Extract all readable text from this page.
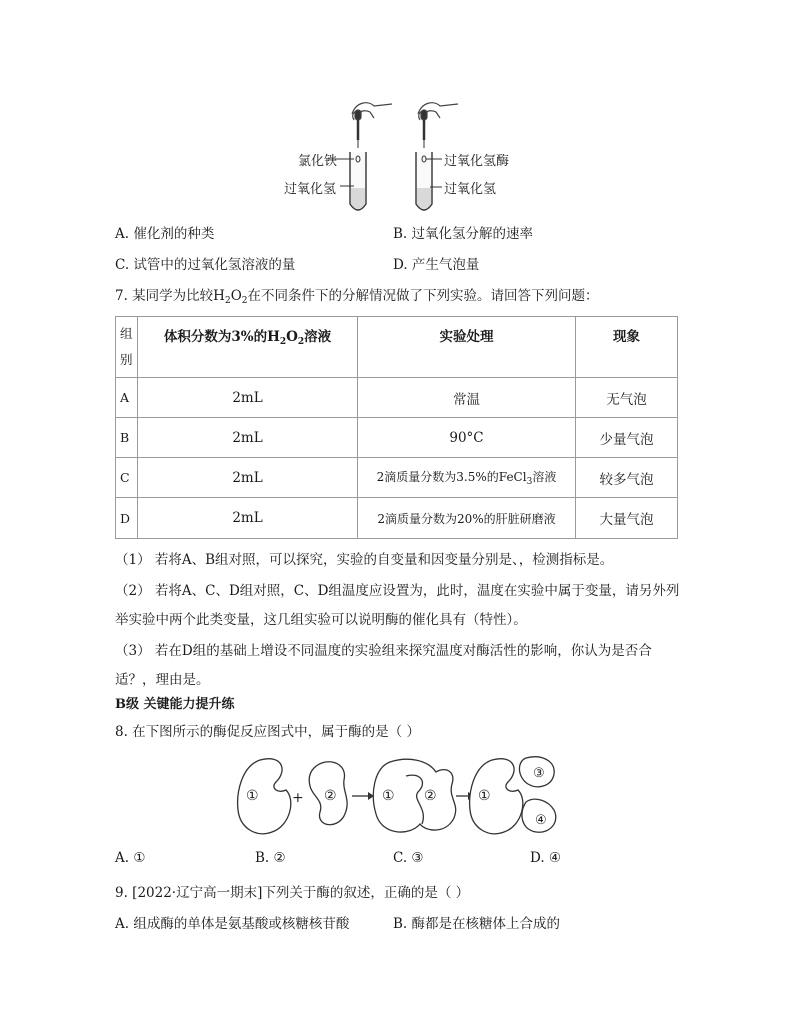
氯化铁
过氧化氢
过氧化氢酶
过氧化氢
A. 催化剂的种类	B. 过氧化氢分解的速率
C. 试管中的过氧化氢溶液的量	D. 产生气泡量
7. 某同学为比较$H_2O_2$在不同条件下的分解情况做了下列实验。请回答下列问题：
组
别	体积分数为3%的$H_2O_2$溶液	实验处理	现象
A	2mL	常温	无气泡
B	2mL	90°C	少量气泡
C	2mL	2滴质量分数为3.5%的FeCl$_3$溶液	较多气泡
D	2mL	2滴质量分数为20%的肝脏研磨液	大量气泡
（1） 若将A、B组对照，可以探究，实验的自变量和因变量分别是、，检测指标是。
（2） 若将A、C、D组对照，C、D组温度应设置为，此时，温度在实验中属于变量，请另外列
举实验中两个此类变量，这几组实验可以说明酶的催化具有（特性）。
（3） 若在D组的基础上增设不同温度的实验组来探究温度对酶活性的影响，你认为是否合
适？，理由是。
B级 关键能力提升练
8. 在下图所示的酶促反应图式中，属于酶的是（ ）
① + ②	① ②	①
③
④
A. ①	B. ②	C. ③	D. ④
9. [2022·辽宁高一期末]下列关于酶的叙述，正确的是（ ）
A. 组成酶的单体是氨基酸或核糖核苷酸	B. 酶都是在核糖体上合成的
